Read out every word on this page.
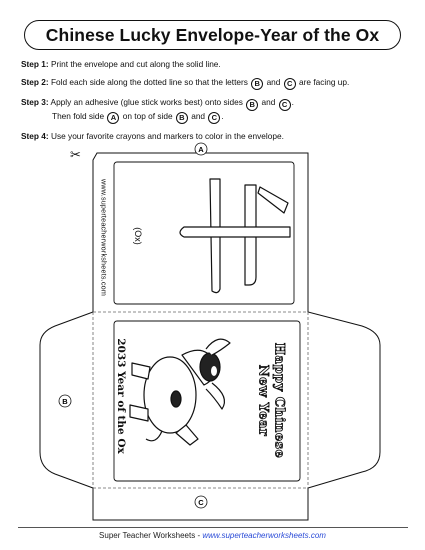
Chinese Lucky Envelope-Year of the Ox
Step 1: Print the envelope and cut along the solid line.
Step 2: Fold each side along the dotted line so that the letters B and C are facing up.
Step 3: Apply an adhesive (glue stick works best) onto sides B and C .
Then fold side A on top of side B and C .
Step 4: Use your favorite crayons and markers to color in the envelope.
A
B
C
✂
www.superteacherworksheets.com	(Ox)
2033 Year of the Ox	Happy Chinese
New Year
Super Teacher Worksheets - www.superteacherworksheets.com
